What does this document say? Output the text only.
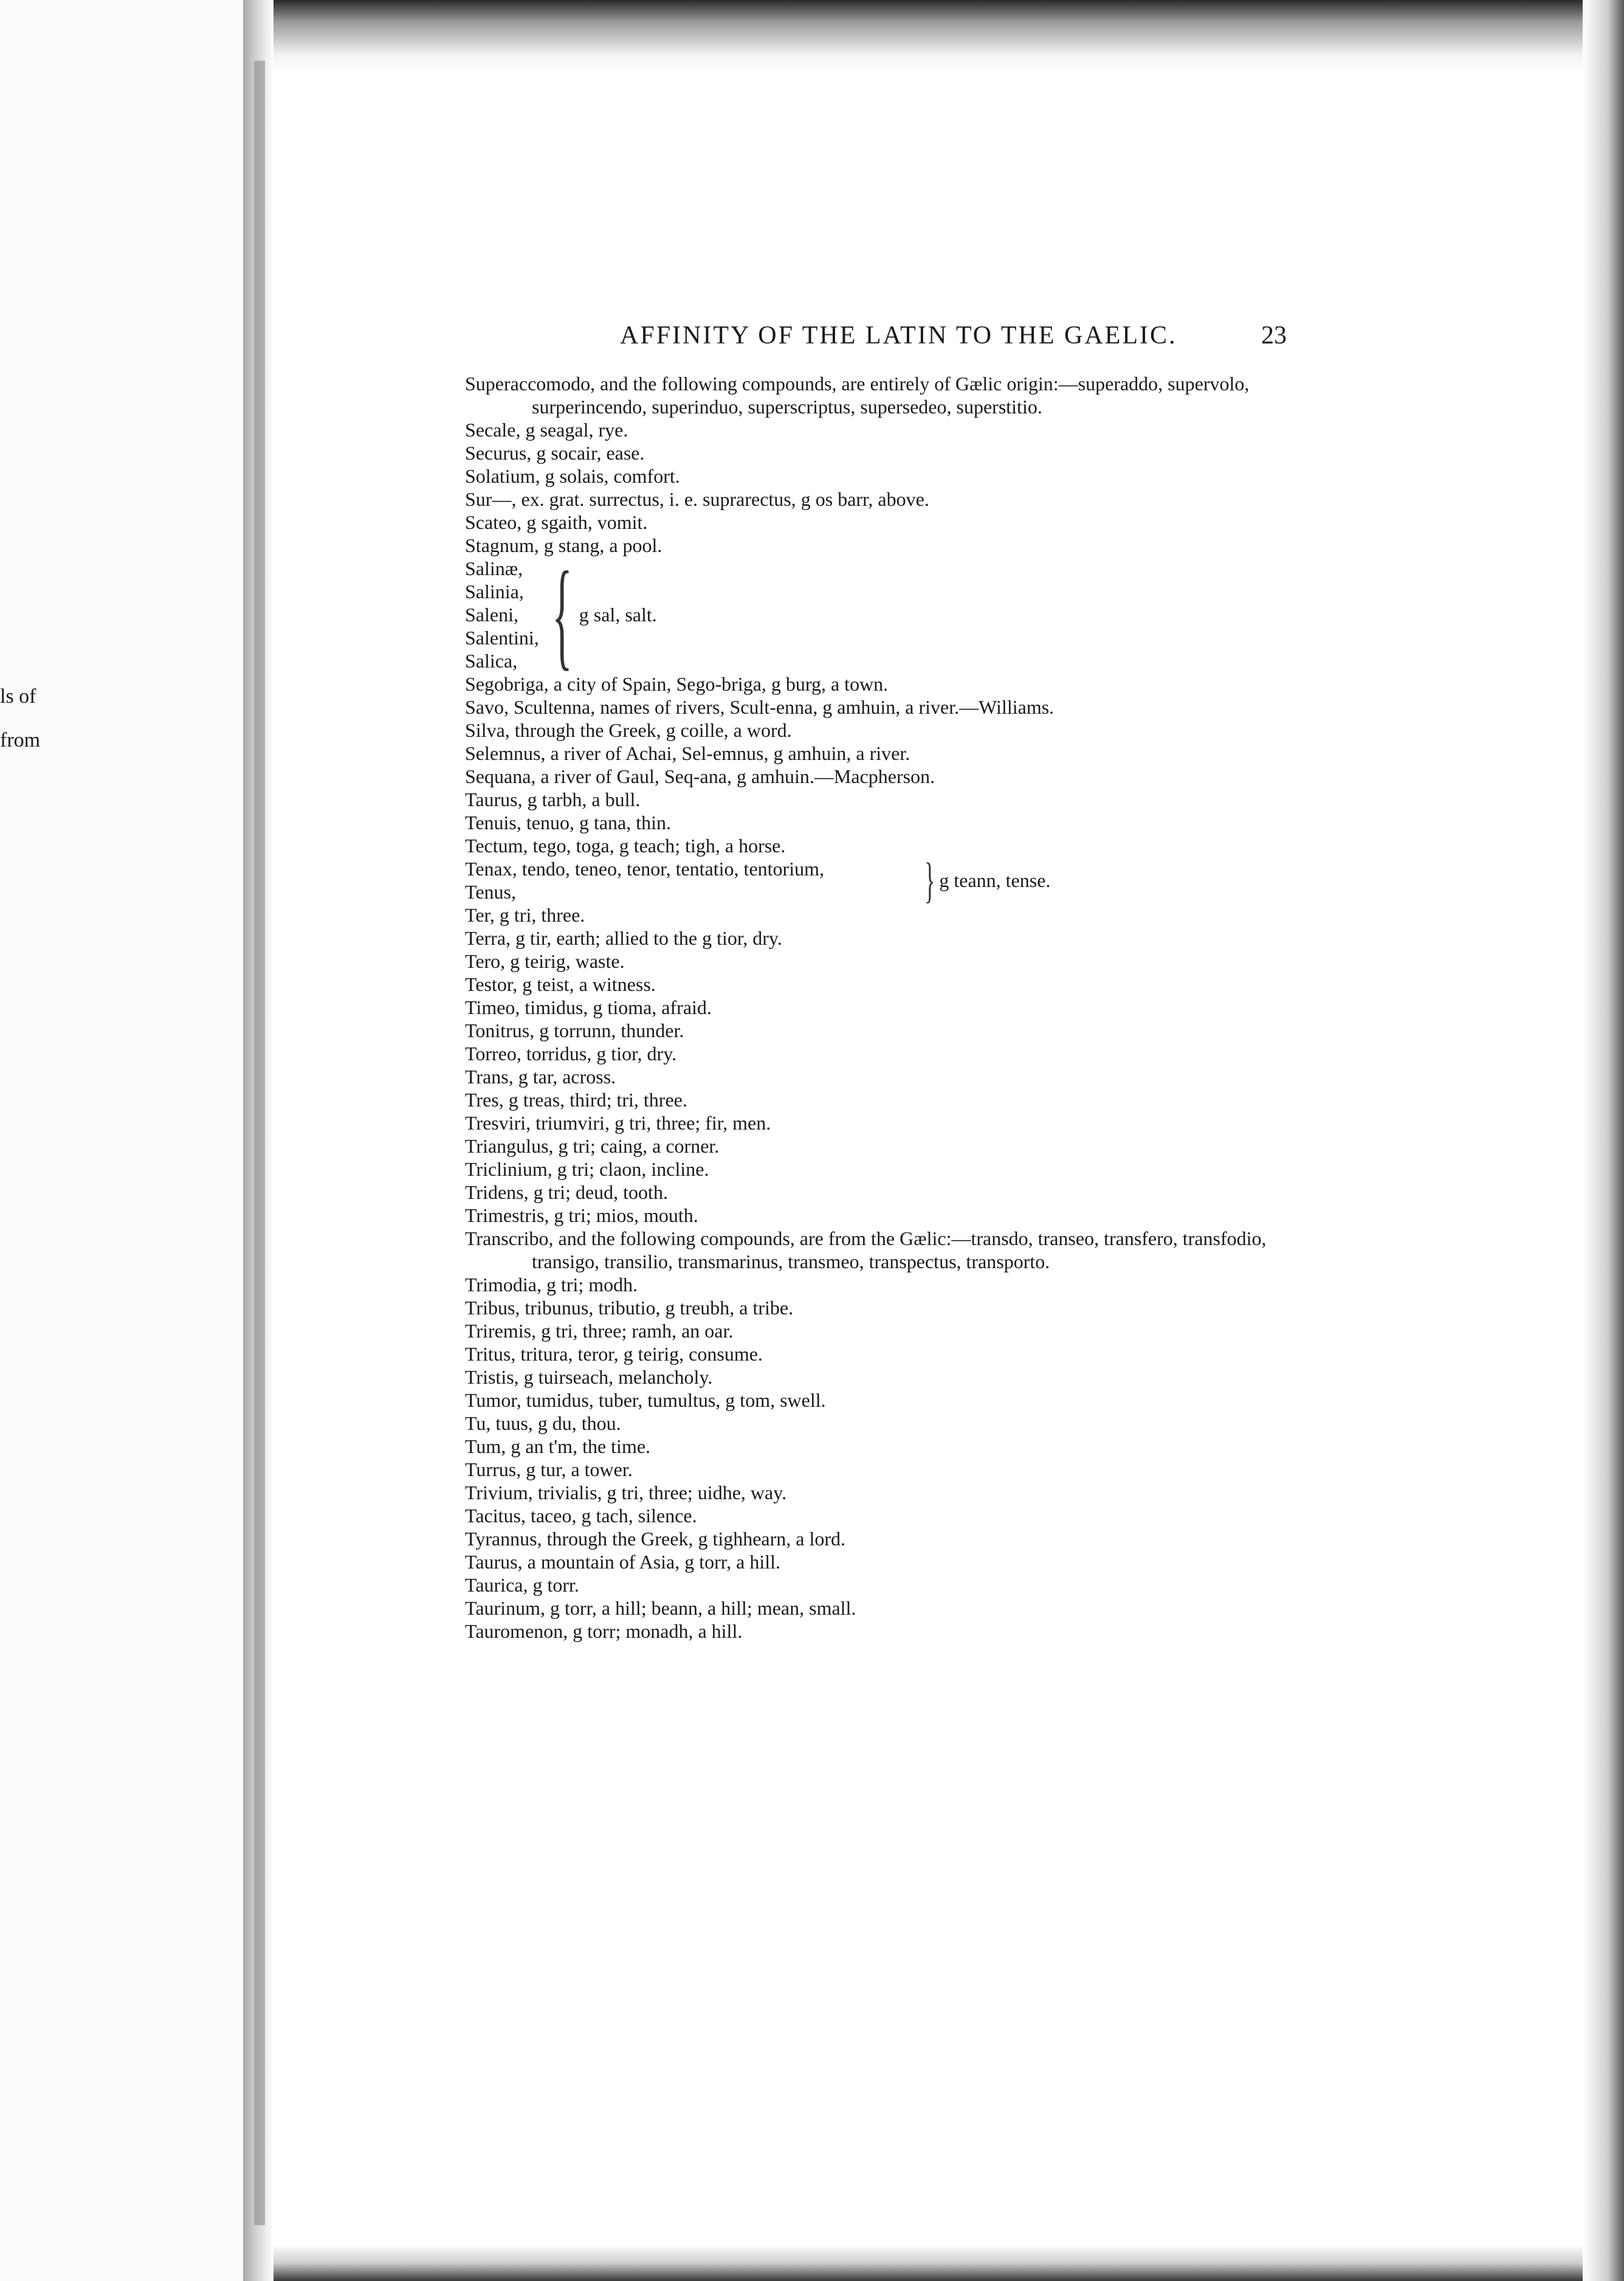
ls of
from
AFFINITY OF THE LATIN TO THE GAELIC.	23
Superaccomodo, and the following compounds, are entirely of Gælic origin:—superaddo, supervolo, surperincendo, superinduo, superscriptus, supersedeo, superstitio.
Secale, g seagal, rye.
Securus, g socair, ease.
Solatium, g solais, comfort.
Sur—, ex. grat. surrectus, i. e. suprarectus, g os barr, above.
Scateo, g sgaith, vomit.
Stagnum, g stang, a pool.
Salinæ,
Salinia,
Saleni,
Salentini,
Salica, { g sal, salt.
Segobriga, a city of Spain, Sego-briga, g burg, a town.
Savo, Scultenna, names of rivers, Scult-enna, g amhuin, a river.—Williams.
Silva, through the Greek, g coille, a word.
Selemnus, a river of Achai, Sel-emnus, g amhuin, a river.
Sequana, a river of Gaul, Seq-ana, g amhuin.—Macpherson.
Taurus, g tarbh, a bull.
Tenuis, tenuo, g tana, thin.
Tectum, tego, toga, g teach; tigh, a horse.
Tenax, tendo, teneo, tenor, tentatio, tentorium,
Tenus,	} g teann, tense.
Ter, g tri, three.
Terra, g tir, earth; allied to the g tior, dry.
Tero, g teirig, waste.
Testor, g teist, a witness.
Timeo, timidus, g tioma, afraid.
Tonitrus, g torrunn, thunder.
Torreo, torridus, g tior, dry.
Trans, g tar, across.
Tres, g treas, third; tri, three.
Tresviri, triumviri, g tri, three; fir, men.
Triangulus, g tri; caing, a corner.
Triclinium, g tri; claon, incline.
Tridens, g tri; deud, tooth.
Trimestris, g tri; mios, mouth.
Transcribo, and the following compounds, are from the Gælic:—transdo, transeo, transfero, transfodio, transigo, transilio, transmarinus, transmeo, transpectus, transporto.
Trimodia, g tri; modh.
Tribus, tribunus, tributio, g treubh, a tribe.
Triremis, g tri, three; ramh, an oar.
Tritus, tritura, teror, g teirig, consume.
Tristis, g tuirseach, melancholy.
Tumor, tumidus, tuber, tumultus, g tom, swell.
Tu, tuus, g du, thou.
Tum, g an t'm, the time.
Turrus, g tur, a tower.
Trivium, trivialis, g tri, three; uidhe, way.
Tacitus, taceo, g tach, silence.
Tyrannus, through the Greek, g tighhearn, a lord.
Taurus, a mountain of Asia, g torr, a hill.
Taurica, g torr.
Taurinum, g torr, a hill; beann, a hill; mean, small.
Tauromenon, g torr; monadh, a hill.
